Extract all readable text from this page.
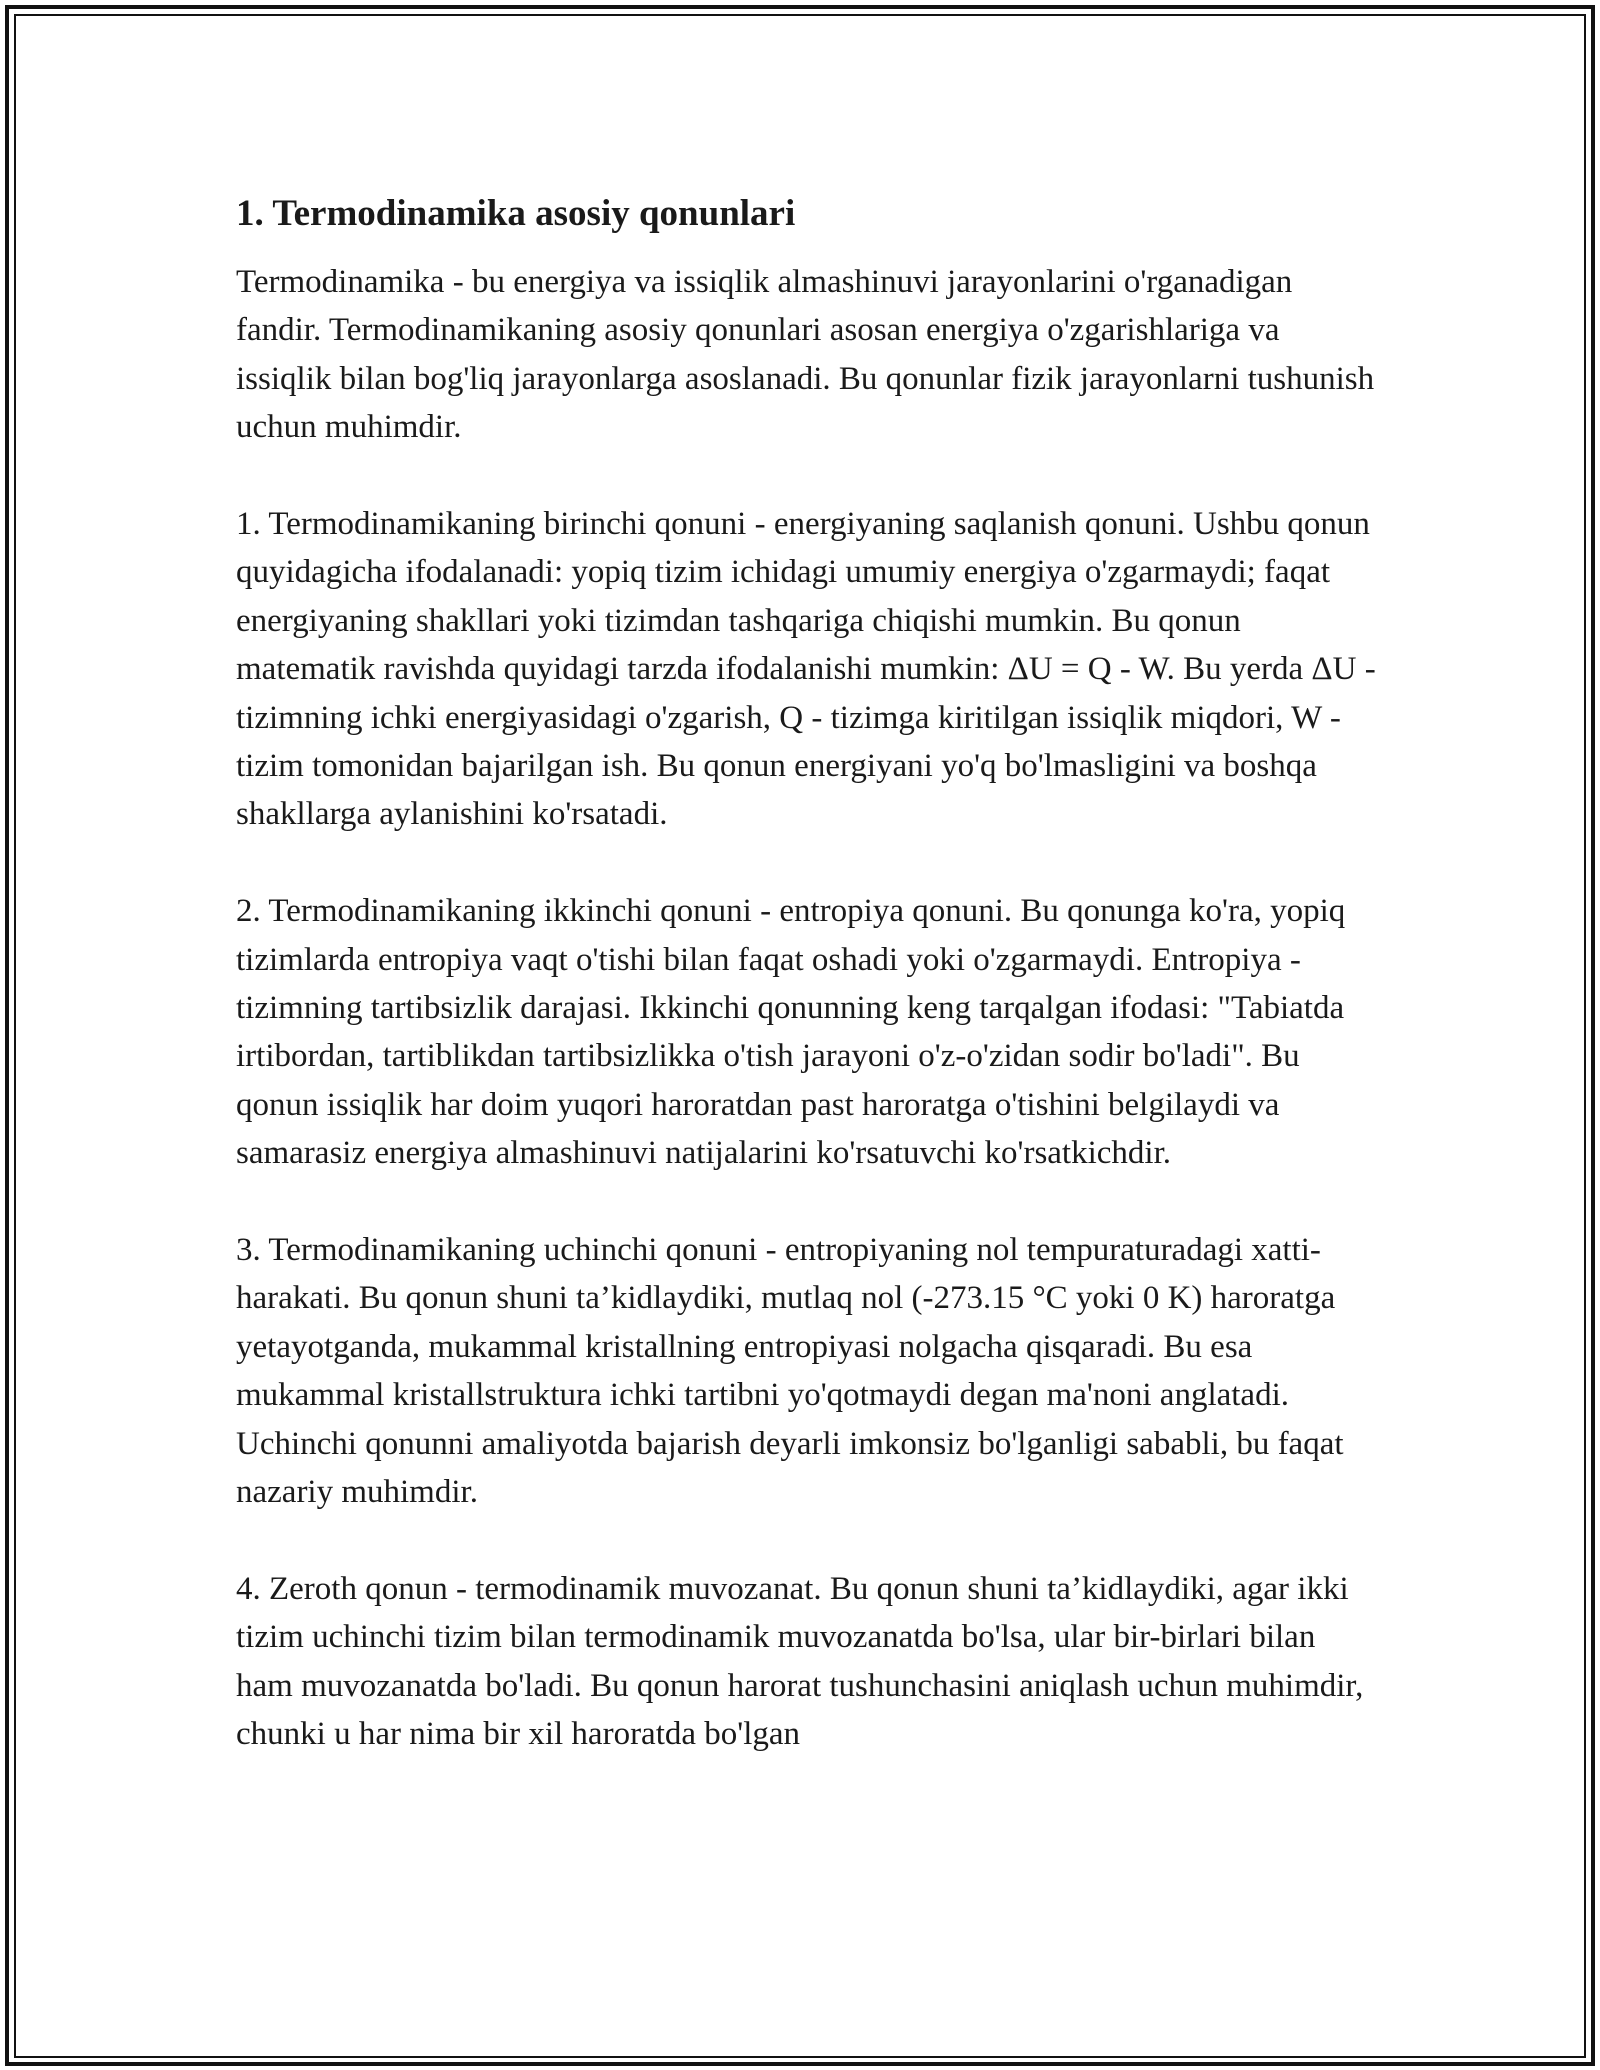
1. Termodinamika asosiy qonunlari

Termodinamika - bu energiya va issiqlik almashinuvi jarayonlarini o'rganadigan fandir. Termodinamikaning asosiy qonunlari asosan energiya o'zgarishlariga va issiqlik bilan bog'liq jarayonlarga asoslanadi. Bu qonunlar fizik jarayonlarni tushunish uchun muhimdir.

1. Termodinamikaning birinchi qonuni - energiyaning saqlanish qonuni. Ushbu qonun quyidagicha ifodalanadi: yopiq tizim ichidagi umumiy energiya o'zgarmaydi; faqat energiyaning shakllari yoki tizimdan tashqariga chiqishi mumkin. Bu qonun matematik ravishda quyidagi tarzda ifodalanishi mumkin: ΔU = Q - W. Bu yerda ΔU - tizimning ichki energiyasidagi o'zgarish, Q - tizimga kiritilgan issiqlik miqdori, W - tizim tomonidan bajarilgan ish. Bu qonun energiyani yo'q bo'lmasligini va boshqa shakllarga aylanishini ko'rsatadi.

2. Termodinamikaning ikkinchi qonuni - entropiya qonuni. Bu qonunga ko'ra, yopiq tizimlarda entropiya vaqt o'tishi bilan faqat oshadi yoki o'zgarmaydi. Entropiya - tizimning tartibsizlik darajasi. Ikkinchi qonunning keng tarqalgan ifodasi: "Tabiatda irtibordan, tartiblikdan tartibsizlikka o'tish jarayoni o'z-o'zidan sodir bo'ladi". Bu qonun issiqlik har doim yuqori haroratdan past haroratga o'tishini belgilaydi va samarasiz energiya almashinuvi natijalarini ko'rsatuvchi ko'rsatkichdir.

3. Termodinamikaning uchinchi qonuni - entropiyaning nol tempuraturadagi xatti-harakati. Bu qonun shuni ta’kidlaydiki, mutlaq nol (-273.15 °C yoki 0 K) haroratga yetayotganda, mukammal kristallning entropiyasi nolgacha qisqaradi. Bu esa mukammal kristallstruktura ichki tartibni yo'qotmaydi degan ma'noni anglatadi. Uchinchi qonunni amaliyotda bajarish deyarli imkonsiz bo'lganligi sababli, bu faqat nazariy muhimdir.

4. Zeroth qonun - termodinamik muvozanat. Bu qonun shuni ta’kidlaydiki, agar ikki tizim uchinchi tizim bilan termodinamik muvozanatda bo'lsa, ular bir-birlari bilan ham muvozanatda bo'ladi. Bu qonun harorat tushunchasini aniqlash uchun muhimdir, chunki u har nima bir xil haroratda bo'lgan
